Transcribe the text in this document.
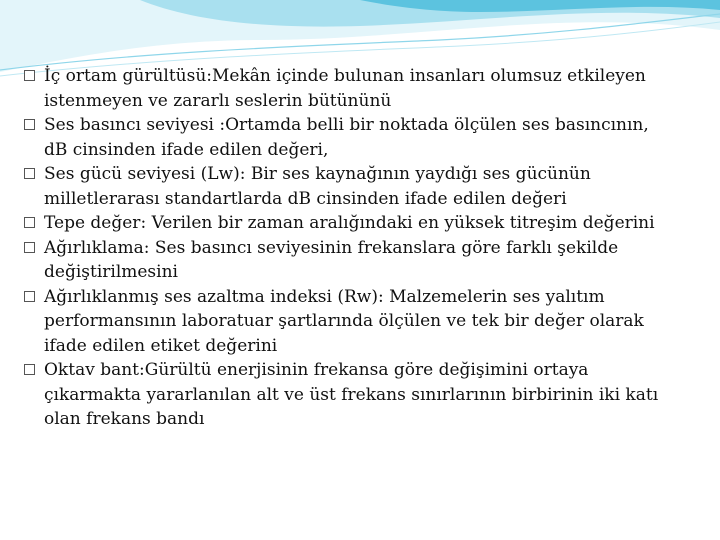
İç ortam gürültüsü:Mekân içinde bulunan insanları olumsuz etkileyen
istenmeyen ve zararlı seslerin bütününü
Ses basıncı seviyesi :Ortamda belli bir noktada ölçülen ses basıncının,
dB cinsinden ifade edilen değeri,
Ses gücü seviyesi (Lw): Bir ses kaynağının yaydığı ses gücünün
milletlerarası standartlarda dB cinsinden ifade edilen değeri
Tepe değer: Verilen bir zaman aralığındaki en yüksek titreşim değerini
Ağırlıklama: Ses basıncı seviyesinin frekanslara göre farklı şekilde
değiştirilmesini
Ağırlıklanmış ses azaltma indeksi (Rw): Malzemelerin ses yalıtım
performansının laboratuar şartlarında ölçülen ve tek bir değer olarak
ifade edilen etiket değerini
Oktav bant:Gürültü enerjisinin frekansa göre değişimini ortaya
çıkarmakta yararlanılan alt ve üst frekans sınırlarının birbirinin iki katı
olan frekans bandı
